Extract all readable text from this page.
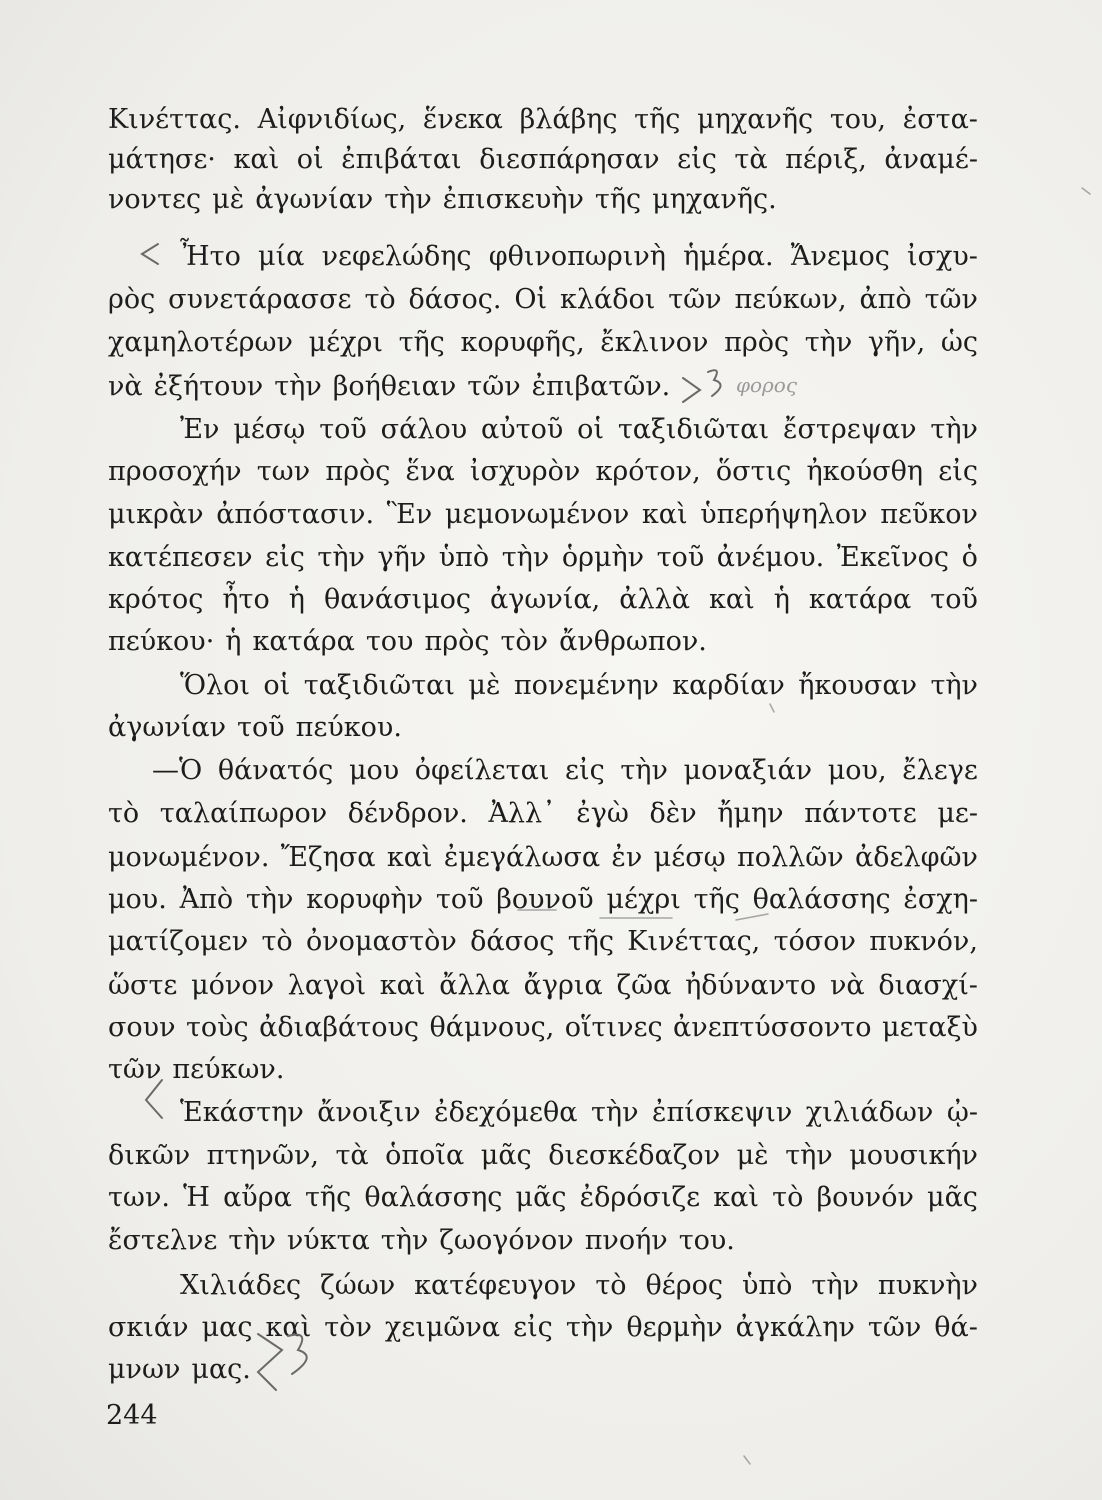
Κινέττας. Αἰφνιδίως, ἕνεκα βλάβης τῆς μηχανῆς του, ἐστα-
μάτησε· καὶ οἱ ἐπιβάται διεσπάρησαν εἰς τὰ πέριξ, ἀναμέ-
νοντες μὲ ἀγωνίαν τὴν ἐπισκευὴν τῆς μηχανῆς.
Ἦτο μία νεφελώδης φθινοπωρινὴ ἡμέρα. Ἄνεμος ἰσχυ-
ρὸς συνετάρασσε τὸ δάσος. Οἱ κλάδοι τῶν πεύκων, ἀπὸ τῶν
χαμηλοτέρων μέχρι τῆς κορυφῆς, ἔκλινον πρὸς τὴν γῆν, ὡς
νὰ ἐξήτουν τὴν βοήθειαν τῶν ἐπιβατῶν.
Ἐν μέσῳ τοῦ σάλου αὐτοῦ οἱ ταξιδιῶται ἔστρεψαν τὴν
προσοχήν των πρὸς ἕνα ἰσχυρὸν κρότον, ὅστις ἠκούσθη εἰς
μικρὰν ἀπόστασιν. Ἓν μεμονωμένον καὶ ὑπερήψηλον πεῦκον
κατέπεσεν εἰς τὴν γῆν ὑπὸ τὴν ὁρμὴν τοῦ ἀνέμου. Ἐκεῖνος ὁ
κρότος ἦτο ἡ θανάσιμος ἀγωνία, ἀλλὰ καὶ ἡ κατάρα τοῦ
πεύκου· ἡ κατάρα του πρὸς τὸν ἄνθρωπον.
Ὅλοι οἱ ταξιδιῶται μὲ πονεμένην καρδίαν ἤκουσαν τὴν
ἀγωνίαν τοῦ πεύκου.
—Ὁ θάνατός μου ὀφείλεται εἰς τὴν μοναξιάν μου, ἔλεγε
τὸ ταλαίπωρον δένδρον. Ἀλλ᾿ ἐγὼ δὲν ἤμην πάντοτε με-
μονωμένον. Ἔζησα καὶ ἐμεγάλωσα ἐν μέσῳ πολλῶν ἀδελφῶν
μου. Ἀπὸ τὴν κορυφὴν τοῦ βουνοῦ μέχρι τῆς θαλάσσης ἐσχη-
ματίζομεν τὸ ὀνομαστὸν δάσος τῆς Κινέττας, τόσον πυκνόν,
ὥστε μόνον λαγοὶ καὶ ἄλλα ἄγρια ζῶα ἠδύναντο νὰ διασχί-
σουν τοὺς ἀδιαβάτους θάμνους, οἵτινες ἀνεπτύσσοντο μεταξὺ
τῶν πεύκων.
Ἑκάστην ἄνοιξιν ἐδεχόμεθα τὴν ἐπίσκεψιν χιλιάδων ᾠ-
δικῶν πτηνῶν, τὰ ὁποῖα μᾶς διεσκέδαζον μὲ τὴν μουσικήν
των. Ἡ αὔρα τῆς θαλάσσης μᾶς ἐδρόσιζε καὶ τὸ βουνόν μᾶς
ἔστελνε τὴν νύκτα τὴν ζωογόνον πνοήν του.
Χιλιάδες ζώων κατέφευγον τὸ θέρος ὑπὸ τὴν πυκνὴν
σκιάν μας καὶ τὸν χειμῶνα εἰς τὴν θερμὴν ἀγκάλην τῶν θά-
μνων μας.
244
φορος
